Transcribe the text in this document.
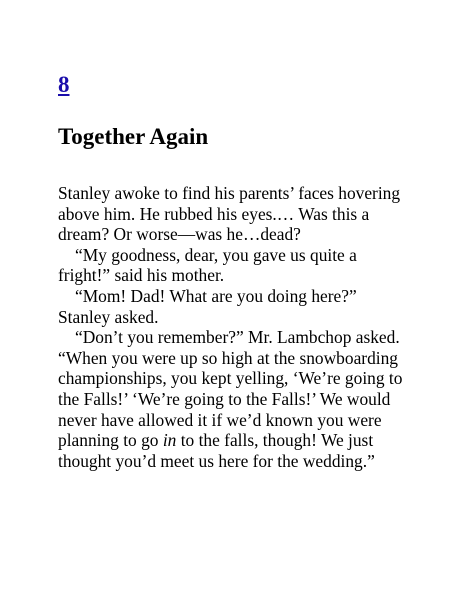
8
Together Again
Stanley awoke to find his parents’ faces hovering
above him. He rubbed his eyes.… Was this a
dream? Or worse—was he…dead?
“My goodness, dear, you gave us quite a
fright!” said his mother.
“Mom! Dad! What are you doing here?”
Stanley asked.
“Don’t you remember?” Mr. Lambchop asked.
“When you were up so high at the snowboarding
championships, you kept yelling, ‘We’re going to
the Falls!’ ‘We’re going to the Falls!’ We would
never have allowed it if we’d known you were
planning to go in to the falls, though! We just
thought you’d meet us here for the wedding.”
